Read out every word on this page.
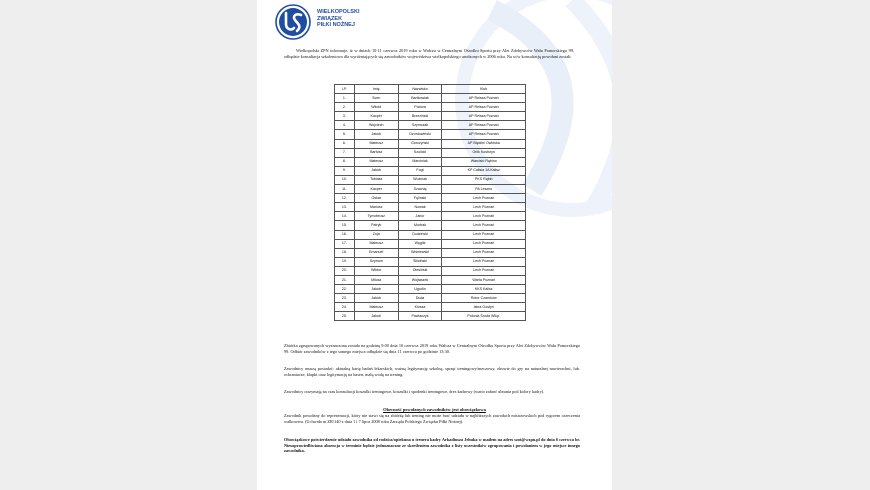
WIELKOPOLSKI
ZWIĄZEK
PIŁKI NOŻNEJ
Wielkopolski ZPN informuje, iż w dniach 10-11 czerwca 2019 roku w Wałczu w Centralnym Ośrodku Sportu przy Alei Zdobywców Wału Pomorskiego 99, odbędzie konsultacja szkoleniowa dla wyróżniających się zawodników województwa wielkopolskiego urodzonych w 2006 roku. Na w/w konsultację powołani zostali:
LP.	Imię	Nazwisko	Klub
1.	Sven	Bartkowiak	AP Reissa Poznań
2.	Witold	Pobóra	AP Reissa Poznań
3.	Kacper	Brzeziński	AP Reissa Poznań
4.	Wojciech	Szymczak	AP Reissa Poznań
5.	Jakub	Dzordowiński	AP Reissa Poznań
6.	Mateusz	Górczyński	AP Błękitni Owińska
7.	Bartosz	Szulicki	Orlik Kostrzyn
8.	Mateusz	Marciniak	Warcisłó Rąbino
9.	Jakub	Fogt	KP Calisia 1A Kalisz
10.	Tobiasz	Woźniak	PKS Rąbin
11.	Kacper	Szachaj	PA Leszno
12.	Oskar	Fęlinski	Lech Poznań
13.	Mariusz	Nowak	Lech Poznań
14.	Tymoteusz	Janur	Lech Poznań
15.	Patryk	Mudrak	Lech Poznań
16.	Zuja	Dudziński	Lech Poznań
17.	Mateusz	Węglik	Lech Poznań
18.	Emanuel	Wiśniewski	Lech Poznań
19.	Szymon	Śliwiński	Lech Poznań
20.	Wiktor	Olesiński	Lech Poznań
21.	Miłosz	Wojtaszek	Warta Poznań
22.	Jakub	Ugodin	KKS Kalisz
23.	Jakub	Duda	Rotor Czarnków
24.	Mateusz	Kłosza	Iskra Gostyń
25.	Jakub	Pawlaczyk	Polonia Środa Wlkp.
Zbiórka zgrupowanych wyznaczona została na godzinę 9:00 dnia 10 czerwca 2019 roku Wałcza w Centralnym Ośrodku Sportu przy Alei Zdobywców Wału Pomorskiego 99. Odbiór zawodników z tego samego miejsca odbędzie się dnia 11 czerwca po godzinie 13:30.
Zawodnicy muszą posiadać: aktualną kartę badań lekarskich, ważną legitymację szkolną, sprzęt treningowy/meczowy, obuwie do gry na naturalnej nawierzchni, lub. ochraniacze, klapki oraz legitymację na basen, małą wodę na trening.
Zawodnicy otrzymają na czas konsultacji koszulki treningowe, koszulki i spodenki treningowe, dres kadrowy (warto zabrać ubrania pod kolory kadry).
Obecność powołanych zawodników jest obowiązkowa
Zawodnik powołany do reprezentacji, który nie stawi się na zbiórkę lub trening nie może brać udziału w najbliższych zawodach mistrzowskich pod rygorem orzeczenia walkowera. (Uchwała nr ZR/140 z dnia 1 i 7 lipca 2008 roku Zarządu Polskiego Związku Piłki Nożnej).
Obowiązkowe potwierdzenie udziału zawodnika od rodzica/opiekuna u trenera kadry Arkadiusza Jehuka w mailem na adres szot@wzpn.pl do dnia 6 czerwca br. Nieusprawiedliwiona absencja w terminie będzie jednoznaczne ze skreśleniem zawodnika z listy uczestników zgrupowania i powołaniem w jego miejsce innego zawodnika.
